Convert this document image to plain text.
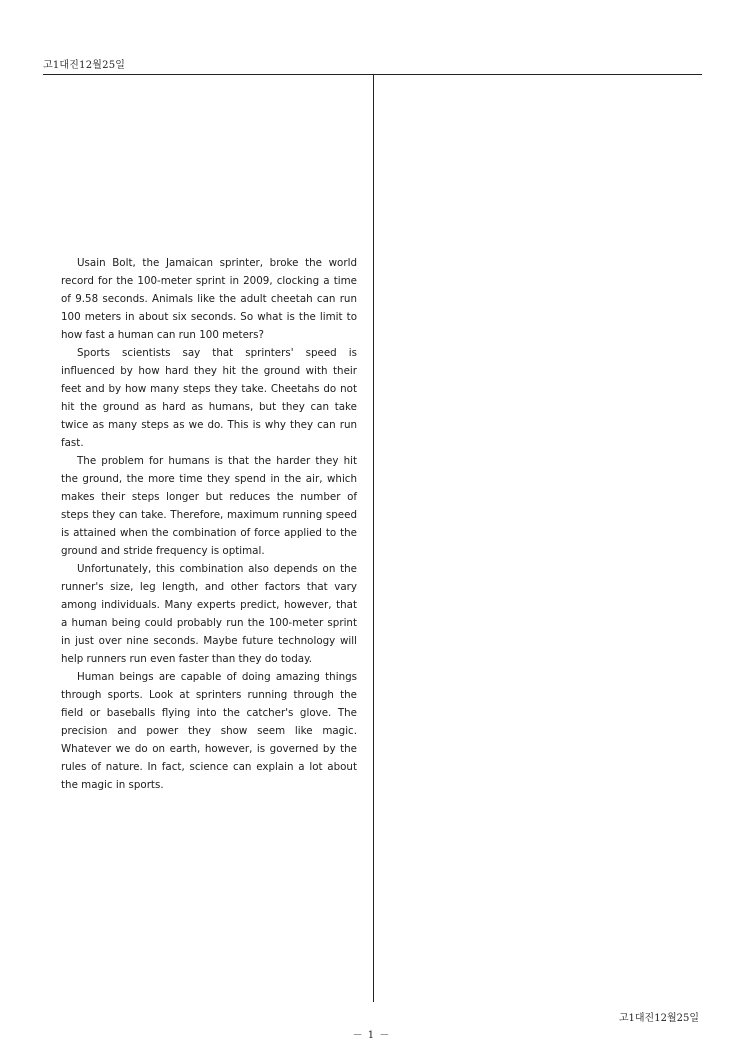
고1대진12월25일

Usain Bolt, the Jamaican sprinter, broke the world record for the 100-meter sprint in 2009, clocking a time of 9.58 seconds. Animals like the adult cheetah can run 100 meters in about six seconds. So what is the limit to how fast a human can run 100 meters?

Sports scientists say that sprinters' speed is influenced by how hard they hit the ground with their feet and by how many steps they take. Cheetahs do not hit the ground as hard as humans, but they can take twice as many steps as we do. This is why they can run fast.

The problem for humans is that the harder they hit the ground, the more time they spend in the air, which makes their steps longer but reduces the number of steps they can take. Therefore, maximum running speed is attained when the combination of force applied to the ground and stride frequency is optimal.

Unfortunately, this combination also depends on the runner's size, leg length, and other factors that vary among individuals. Many experts predict, however, that a human being could probably run the 100-meter sprint in just over nine seconds. Maybe future technology will help runners run even faster than they do today.

Human beings are capable of doing amazing things through sports. Look at sprinters running through the field or baseballs flying into the catcher's glove. The precision and power they show seem like magic. Whatever we do on earth, however, is governed by the rules of nature. In fact, science can explain a lot about the magic in sports.

고1대진12월25일
－ 1 －
